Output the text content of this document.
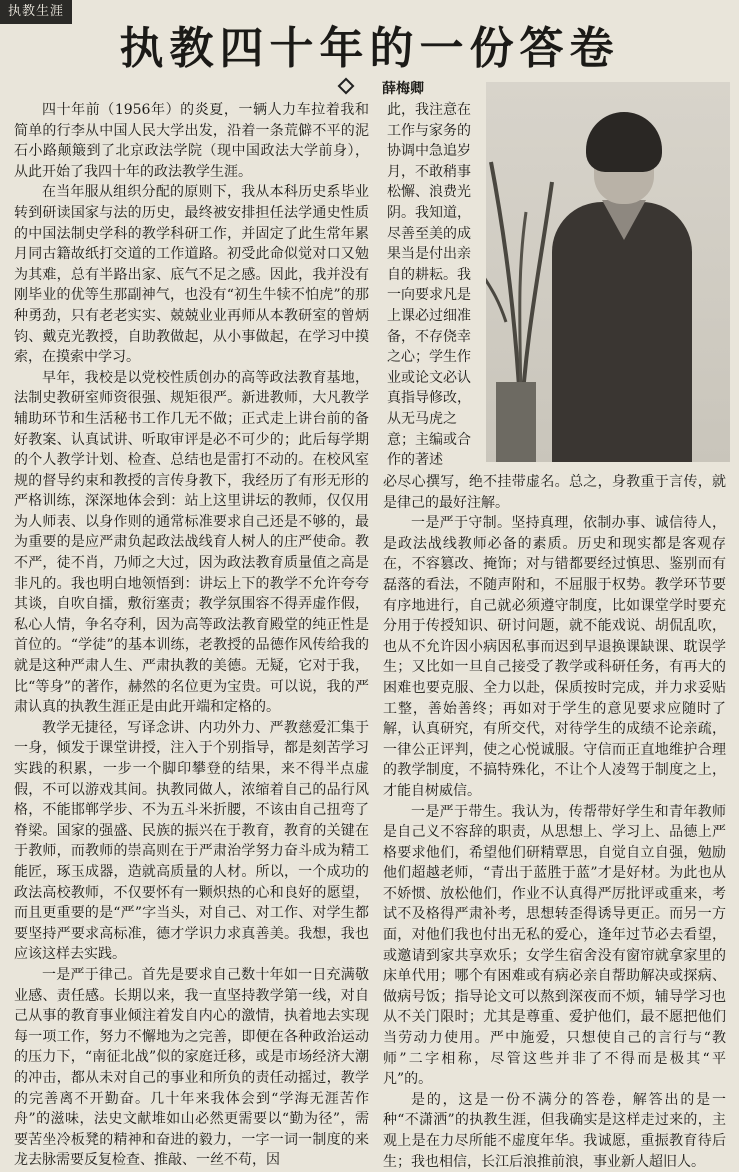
执教生涯
执教四十年的一份答卷
薛梅卿

四十年前（1956年）的炎夏，一辆人力车拉着我和简单的行李从中国人民大学出发，沿着一条荒僻不平的泥石小路颠簸到了北京政法学院（现中国政法大学前身），从此开始了我四十年的政法教学生涯。

在当年服从组织分配的原则下，我从本科历史系毕业转到研读国家与法的历史，最终被安排担任法学通史性质的中国法制史学科的教学科研工作，并固定了此生常年累月同古籍故纸打交道的工作道路。初受此命似觉对口又勉为其难，总有半路出家、底气不足之感。因此，我并没有刚毕业的优等生那副神气，也没有“初生牛犊不怕虎”的那种勇劲，只有老老实实、兢兢业业再师从本教研室的曾炳钧、戴克光教授，自助教做起，从小事做起，在学习中摸索，在摸索中学习。

早年，我校是以党校性质创办的高等政法教育基地，法制史教研室师资很强、规矩很严。新进教师，大凡教学辅助环节和生活秘书工作几无不做；正式走上讲台前的备好教案、认真试讲、听取审评是必不可少的；此后每学期的个人教学计划、检查、总结也是雷打不动的。在校风室规的督导约束和教授的言传身教下，我经历了有形无形的严格训练，深深地体会到：站上这里讲坛的教师，仅仅用为人师表、以身作则的通常标准要求自己还是不够的，最为重要的是应严肃负起政法战线育人树人的庄严使命。教不严，徒不肖，乃师之大过，因为政法教育质量值之高是非凡的。我也明白地领悟到：讲坛上下的教学不允许夸夸其谈，自吹自擂，敷衍塞责；教学氛围容不得弄虚作假，私心人情，争名夺利，因为高等政法教育殿堂的纯正性是首位的。“学徒”的基本训练，老教授的品德作风传给我的就是这种严肃人生、严肃执教的美德。无疑，它对于我，比“等身”的著作，赫然的名位更为宝贵。可以说，我的严肃认真的执教生涯正是由此开端和定格的。

教学无捷径，写译念讲、内功外力、严教慈爱汇集于一身，倾发于课堂讲授，注入于个别指导，都是刻苦学习实践的积累，一步一个脚印攀登的结果，来不得半点虚假，不可以游戏其间。执教同做人，浓缩着自己的品行风格，不能邯郸学步、不为五斗米折腰，不该由自己扭弯了脊梁。国家的强盛、民族的振兴在于教育，教育的关键在于教师，而教师的崇高则在于严肃治学努力奋斗成为精工能匠，琢玉成器，造就高质量的人材。所以，一个成功的政法高校教师，不仅要怀有一颗炽热的心和良好的愿望，而且更重要的是“严”字当头，对自己、对工作、对学生都要坚持严要求高标准，德才学识力求真善美。我想，我也应该这样去实践。

一是严于律己。首先是要求自己数十年如一日充满敬业感、责任感。长期以来，我一直坚持教学第一线，对自己从事的教育事业倾注着发自内心的激情，执着地去实现每一项工作，努力不懈地为之完善，即便在各种政治运动的压力下，“南征北战”似的家庭迁移，或是市场经济大潮的冲击，都从未对自己的事业和所负的责任动摇过，教学的完善离不开勤奋。几十年来我体会到“学海无涯苦作舟”的滋味，法史文献堆如山必然更需要以“勤为径”，需要苦坐冷板凳的精神和奋进的毅力，一字一词一制度的来龙去脉需要反复检查、推敲、一丝不苟，因

此，我注意在工作与家务的协调中急追岁月，不敢稍事松懈、浪费光阴。我知道，尽善至美的成果当是付出亲自的耕耘。我一向要求凡是上课必过细准备，不存侥幸之心；学生作业或论文必认真指导修改，从无马虎之意；主编或合作的著述

必尽心撰写，绝不挂带虚名。总之，身教重于言传，就是律己的最好注解。

一是严于守制。坚持真理，依制办事、诚信待人，是政法战线教师必备的素质。历史和现实都是客观存在，不容篡改、掩饰；对与错都要经过慎思、鉴别而有磊落的看法，不随声附和，不屈服于权势。教学环节要有序地进行，自己就必须遵守制度，比如课堂学时要充分用于传授知识、研讨问题，就不能戏说、胡侃乱吹，也从不允许因小病因私事而迟到早退换课缺课、耽误学生；又比如一旦自己接受了教学或科研任务，有再大的困难也要克服、全力以赴，保质按时完成，并力求妥贴工整，善始善终；再如对于学生的意见要求应随时了解，认真研究，有所交代，对待学生的成绩不论亲疏，一律公正评判，使之心悦诚服。守信而正直地维护合理的教学制度，不搞特殊化，不让个人凌驾于制度之上，才能自树威信。

一是严于带生。我认为，传帮带好学生和青年教师是自己义不容辞的职责，从思想上、学习上、品德上严格要求他们，希望他们研精覃思，自觉自立自强，勉励他们超越老师，“青出于蓝胜于蓝”才是好材。为此也从不娇惯、放松他们，作业不认真得严厉批评或重来，考试不及格得严肃补考，思想转歪得诱导更正。而另一方面，对他们我也付出无私的爱心，逢年过节必去看望，或邀请到家共享欢乐；女学生宿舍没有窗帘就拿家里的床单代用；哪个有困难或有病必亲自帮助解决或探病、做病号饭；指导论文可以熬到深夜而不烦，辅导学习也从不关门限时；尤其是尊重、爱护他们，最不愿把他们当劳动力使用。严中施爱，只想使自己的言行与“教师”二字相称，尽管这些并非了不得而是极其“平凡”的。

是的，这是一份不满分的答卷，解答出的是一种“不潇洒”的执教生涯，但我确实是这样走过来的，主观上是在力尽所能不虚度年华。我诚愿，重振教育待后生；我也相信，长江后浪推前浪，事业新人超旧人。
